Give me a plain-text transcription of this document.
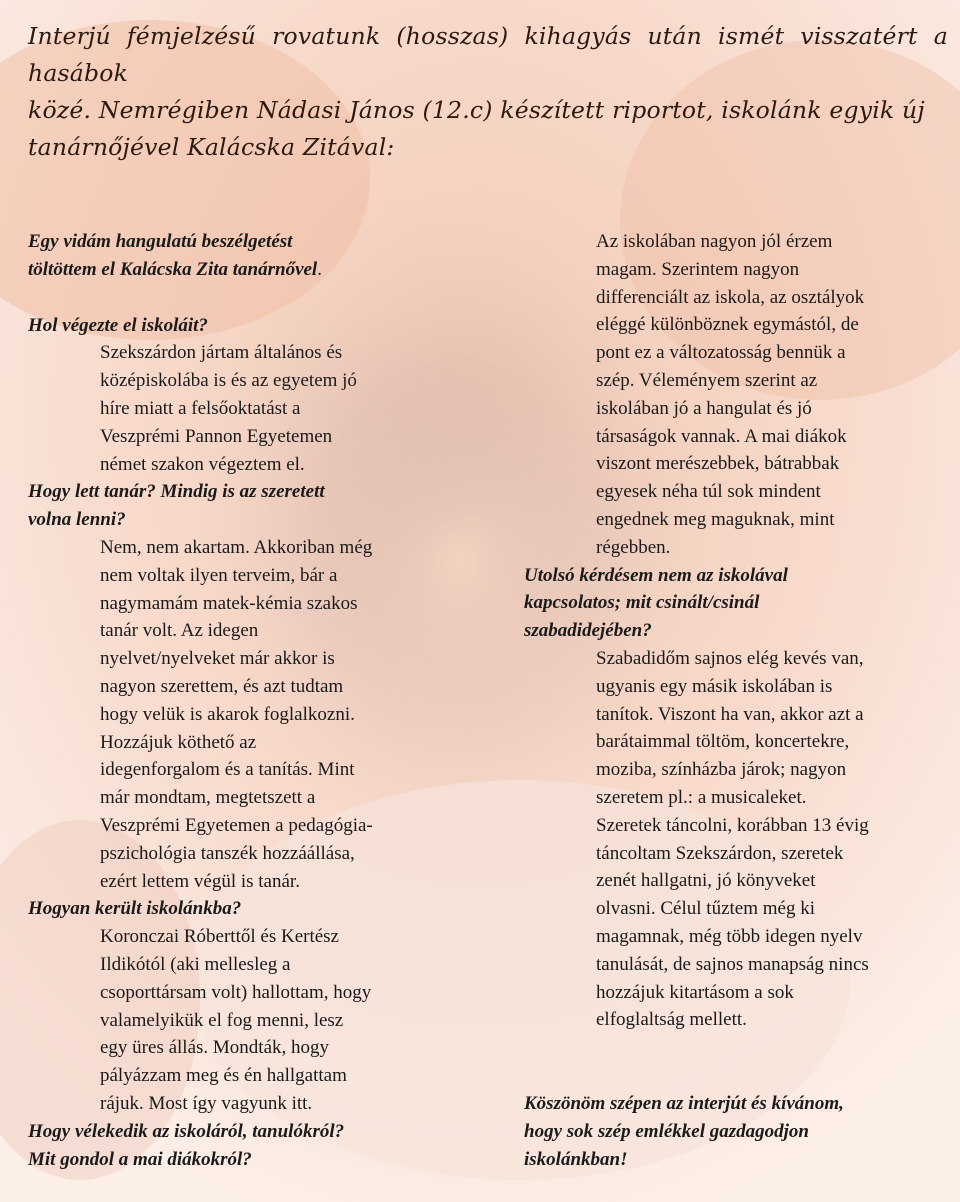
Interjú fémjelzésű rovatunk (hosszas) kihagyás után ismét visszatért a hasábok
közé. Nemrégiben Nádasi János (12.c) készített riportot, iskolánk egyik új
tanárnőjével Kalácska Zitával:

Egy vidám hangulatú beszélgetést
töltöttem el Kalácska Zita tanárnővel.

Hol végezte el iskoláit?

Szekszárdon jártam általános és
középiskolába is és az egyetem jó
híre miatt a felsőoktatást a
Veszprémi Pannon Egyetemen
német szakon végeztem el.
Hogy lett tanár? Mindig is az szeretett
volna lenni?
Nem, nem akartam. Akkoriban még
nem voltak ilyen terveim, bár a
nagymamám matek-kémia szakos
tanár volt. Az idegen
nyelvet/nyelveket már akkor is
nagyon szerettem, és azt tudtam
hogy velük is akarok foglalkozni.
Hozzájuk köthető az
idegenforgalom és a tanítás. Mint
már mondtam, megtetszett a
Veszprémi Egyetemen a pedagógia-
pszichológia tanszék hozzáállása,
ezért lettem végül is tanár.

Hogyan került iskolánkba?

Koronczai Róberttől és Kertész
Ildikótól (aki mellesleg a
csoporttársam volt) hallottam, hogy
valamelyikük el fog menni, lesz
egy üres állás. Mondták, hogy
pályázzam meg és én hallgattam
rájuk. Most így vagyunk itt.
Hogy vélekedik az iskoláról, tanulókról?
Mit gondol a mai diákokról?
Az iskolában nagyon jól érzem
magam. Szerintem nagyon
differenciált az iskola, az osztályok
eléggé különböznek egymástól, de
pont ez a változatosság bennük a
szép. Véleményem szerint az
iskolában jó a hangulat és jó
társaságok vannak. A mai diákok
viszont merészebbek, bátrabbak
egyesek néha túl sok mindent
engednek meg maguknak, mint
régebben.
Utolsó kérdésem nem az iskolával
kapcsolatos; mit csinált/csinál
szabadidejében?
Szabadidőm sajnos elég kevés van,
ugyanis egy másik iskolában is
tanítok. Viszont ha van, akkor azt a
barátaimmal töltöm, koncertekre,
moziba, színházba járok; nagyon
szeretem pl.: a musicaleket.
Szeretek táncolni, korábban 13 évig
táncoltam Szekszárdon, szeretek
zenét hallgatni, jó könyveket
olvasni. Célul tűztem még ki
magamnak, még több idegen nyelv
tanulását, de sajnos manapság nincs
hozzájuk kitartásom a sok
elfoglaltság mellett.
Köszönöm szépen az interjút és kívánom,
hogy sok szép emlékkel gazdagodjon
iskolánkban!
